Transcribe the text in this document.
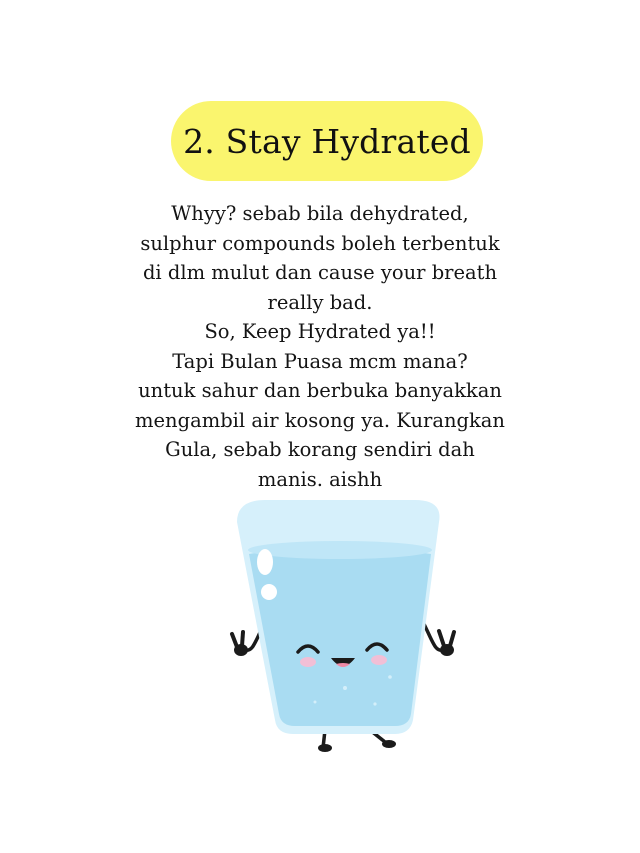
2. Stay Hydrated
Whyy? sebab bila dehydrated,
sulphur compounds boleh terbentuk
di dlm mulut dan cause your breath
really bad.
So, Keep Hydrated ya!!
Tapi Bulan Puasa mcm mana?
untuk sahur dan berbuka banyakkan
mengambil air kosong ya. Kurangkan
Gula, sebab korang sendiri dah
manis. aishh
